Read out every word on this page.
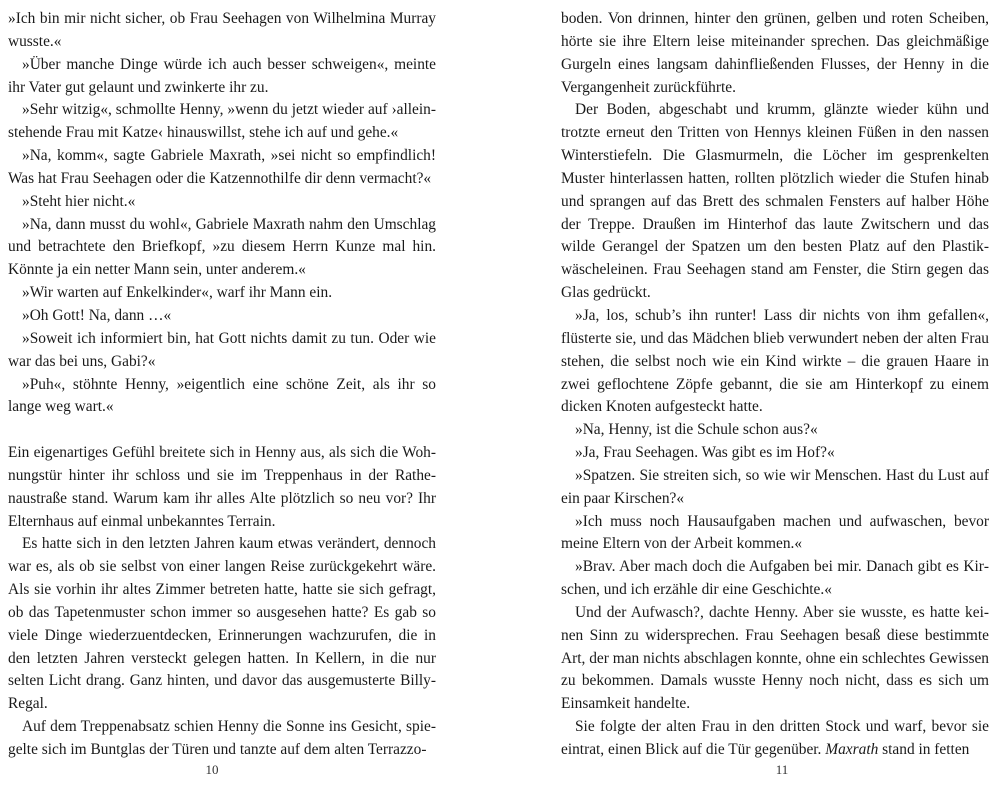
»Ich bin mir nicht sicher, ob Frau Seehagen von Wilhelmina Murray wusste.«

»Über manche Dinge würde ich auch besser schweigen«, meinte ihr Vater gut gelaunt und zwinkerte ihr zu.

»Sehr witzig«, schmollte Henny, »wenn du jetzt wieder auf ›alleinstehende Frau mit Katze‹ hinauswillst, stehe ich auf und gehe.«

»Na, komm«, sagte Gabriele Maxrath, »sei nicht so empfindlich! Was hat Frau Seehagen oder die Katzennothilfe dir denn vermacht?«

»Steht hier nicht.«

»Na, dann musst du wohl«, Gabriele Maxrath nahm den Umschlag und betrachtete den Briefkopf, »zu diesem Herrn Kunze mal hin. Könnte ja ein netter Mann sein, unter anderem.«

»Wir warten auf Enkelkinder«, warf ihr Mann ein.

»Oh Gott! Na, dann …«

»Soweit ich informiert bin, hat Gott nichts damit zu tun. Oder wie war das bei uns, Gabi?«

»Puh«, stöhnte Henny, »eigentlich eine schöne Zeit, als ihr so lange weg wart.«

Ein eigenartiges Gefühl breitete sich in Henny aus, als sich die Wohnungstür hinter ihr schloss und sie im Treppenhaus in der Rathenaustraße stand. Warum kam ihr alles Alte plötzlich so neu vor? Ihr Elternhaus auf einmal unbekanntes Terrain.

Es hatte sich in den letzten Jahren kaum etwas verändert, dennoch war es, als ob sie selbst von einer langen Reise zurückgekehrt wäre. Als sie vorhin ihr altes Zimmer betreten hatte, hatte sie sich gefragt, ob das Tapetenmuster schon immer so ausgesehen hatte? Es gab so viele Dinge wiederzuentdecken, Erinnerungen wachzurufen, die in den letzten Jahren versteckt gelegen hatten. In Kellern, in die nur selten Licht drang. Ganz hinten, und davor das ausgemusterte Billy-Regal.

Auf dem Treppenabsatz schien Henny die Sonne ins Gesicht, spiegelte sich im Buntglas der Türen und tanzte auf dem alten Terrazzo-

boden. Von drinnen, hinter den grünen, gelben und roten Scheiben, hörte sie ihre Eltern leise miteinander sprechen. Das gleichmäßige Gurgeln eines langsam dahinfließenden Flusses, der Henny in die Vergangenheit zurückführte.

Der Boden, abgeschabt und krumm, glänzte wieder kühn und trotzte erneut den Tritten von Hennys kleinen Füßen in den nassen Winterstiefeln. Die Glasmurmeln, die Löcher im gesprenkelten Muster hinterlassen hatten, rollten plötzlich wieder die Stufen hinab und sprangen auf das Brett des schmalen Fensters auf halber Höhe der Treppe. Draußen im Hinterhof das laute Zwitschern und das wilde Gerangel der Spatzen um den besten Platz auf den Plastikwäscheleinen. Frau Seehagen stand am Fenster, die Stirn gegen das Glas gedrückt.

»Ja, los, schub’s ihn runter! Lass dir nichts von ihm gefallen«, flüsterte sie, und das Mädchen blieb verwundert neben der alten Frau stehen, die selbst noch wie ein Kind wirkte – die grauen Haare in zwei geflochtene Zöpfe gebannt, die sie am Hinterkopf zu einem dicken Knoten aufgesteckt hatte.

»Na, Henny, ist die Schule schon aus?«

»Ja, Frau Seehagen. Was gibt es im Hof?«

»Spatzen. Sie streiten sich, so wie wir Menschen. Hast du Lust auf ein paar Kirschen?«

»Ich muss noch Hausaufgaben machen und aufwaschen, bevor meine Eltern von der Arbeit kommen.«

»Brav. Aber mach doch die Aufgaben bei mir. Danach gibt es Kirschen, und ich erzähle dir eine Geschichte.«

Und der Aufwasch?, dachte Henny. Aber sie wusste, es hatte keinen Sinn zu widersprechen. Frau Seehagen besaß diese bestimmte Art, der man nichts abschlagen konnte, ohne ein schlechtes Gewissen zu bekommen. Damals wusste Henny noch nicht, dass es sich um Einsamkeit handelte.

Sie folgte der alten Frau in den dritten Stock und warf, bevor sie eintrat, einen Blick auf die Tür gegenüber. Maxrath stand in fetten

10	11
